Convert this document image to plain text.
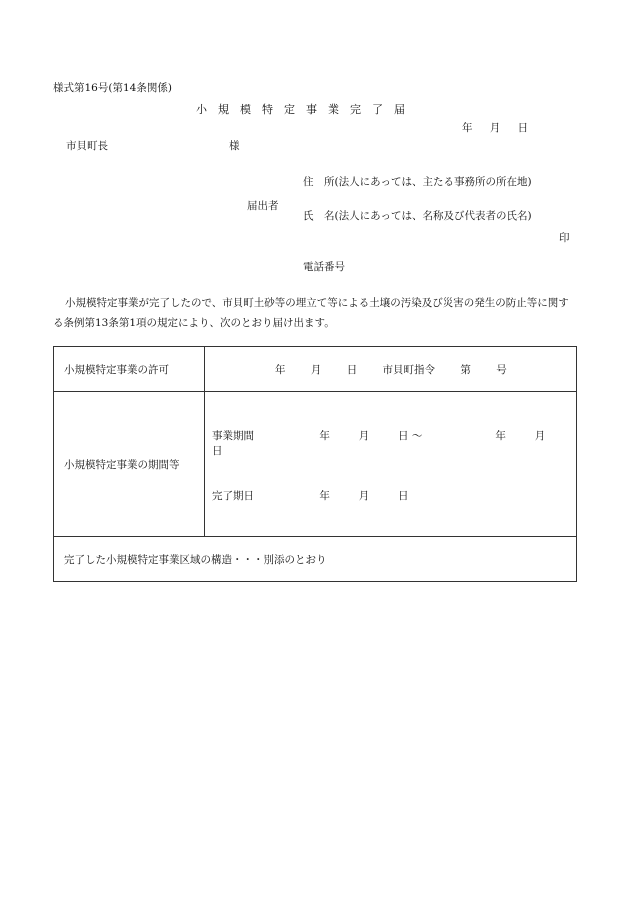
様式第16号(第14条関係)
小規模特定事業完了届
年 月 日
市貝町長	様
住　所(法人にあっては、主たる事務所の所在地)
届出者
氏　名(法人にあっては、名称及び代表者の氏名)
印
電話番号
小規模特定事業が完了したので、市貝町土砂等の埋立て等による土壌の汚染及び災害の発生の防止等に関する条例第13条第1項の規定により、次のとおり届け出ます。
小規模特定事業の許可	年 月 日 市貝町指令 第 号
小規模特定事業の期間等	事業期間 年 月 日 〜 年 月 日
完了期日 年 月 日

完了した小規模特定事業区域の構造・・・別添のとおり	
